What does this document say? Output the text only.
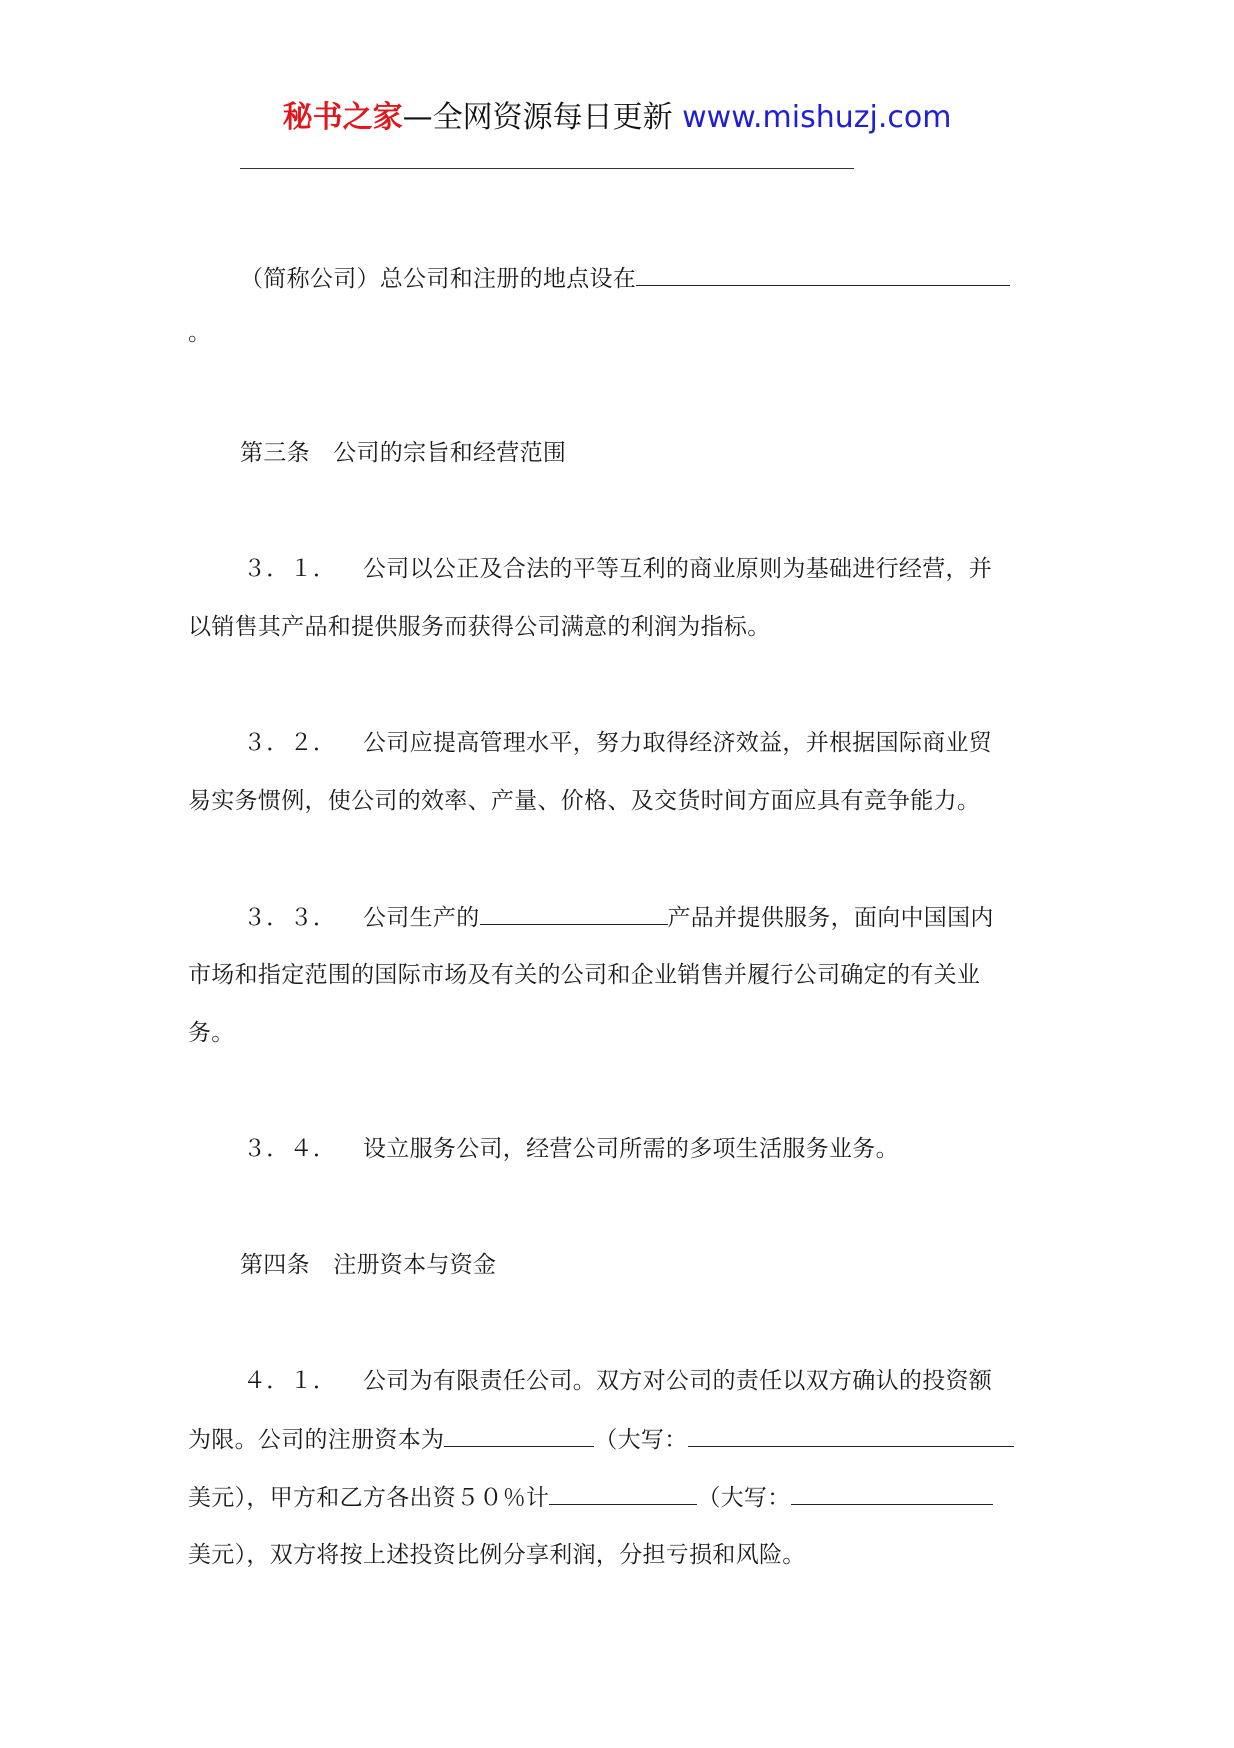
秘书之家—全网资源每日更新 www.mishuzj.com
（简称公司）总公司和注册的地点设在
。
第三条　公司的宗旨和经营范围
３．１． 公司以公正及合法的平等互利的商业原则为基础进行经营，并
以销售其产品和提供服务而获得公司满意的利润为指标。
３．２． 公司应提高管理水平，努力取得经济效益，并根据国际商业贸
易实务惯例，使公司的效率、产量、价格、及交货时间方面应具有竞争能力。
３．３． 公司生产的	产品并提供服务，面向中国国内
市场和指定范围的国际市场及有关的公司和企业销售并履行公司确定的有关业
务。
３．４． 设立服务公司，经营公司所需的多项生活服务业务。
第四条　注册资本与资金
４．１． 公司为有限责任公司。双方对公司的责任以双方确认的投资额
为限。公司的注册资本为	（大写：
美元），甲方和乙方各出资５０％计	（大写：
美元），双方将按上述投资比例分享利润，分担亏损和风险。
